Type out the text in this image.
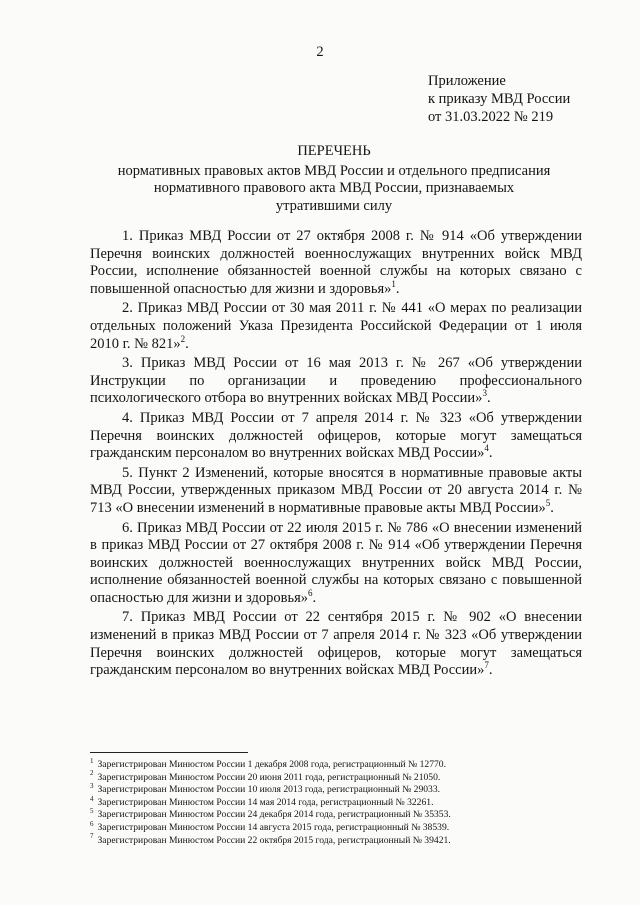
2
Приложение
к приказу МВД России
от 31.03.2022 № 219
ПЕРЕЧЕНЬ
нормативных правовых актов МВД России и отдельного предписания
нормативного правового акта МВД России, признаваемых
утратившими силу

1. Приказ МВД России от 27 октября 2008 г. № 914 «Об утверждении Перечня воинских должностей военнослужащих внутренних войск МВД России, исполнение обязанностей военной службы на которых связано с повышенной опасностью для жизни и здоровья»$^1$.

2. Приказ МВД России от 30 мая 2011 г. № 441 «О мерах по реализации отдельных положений Указа Президента Российской Федерации от 1 июля 2010 г. № 821»$^2$.

3. Приказ МВД России от 16 мая 2013 г. № 267 «Об утверждении Инструкции по организации и проведению профессионального психологического отбора во внутренних войсках МВД России»$^3$.

4. Приказ МВД России от 7 апреля 2014 г. № 323 «Об утверждении Перечня воинских должностей офицеров, которые могут замещаться гражданским персоналом во внутренних войсках МВД России»$^4$.

5. Пункт 2 Изменений, которые вносятся в нормативные правовые акты МВД России, утвержденных приказом МВД России от 20 августа 2014 г. № 713 «О внесении изменений в нормативные правовые акты МВД России»$^5$.

6. Приказ МВД России от 22 июля 2015 г. № 786 «О внесении изменений в приказ МВД России от 27 октября 2008 г. № 914 «Об утверждении Перечня воинских должностей военнослужащих внутренних войск МВД России, исполнение обязанностей военной службы на которых связано с повышенной опасностью для жизни и здоровья»$^6$.

7. Приказ МВД России от 22 сентября 2015 г. № 902 «О внесении изменений в приказ МВД России от 7 апреля 2014 г. № 323 «Об утверждении Перечня воинских должностей офицеров, которые могут замещаться гражданским персоналом во внутренних войсках МВД России»$^7$.

$^1$ Зарегистрирован Минюстом России 1 декабря 2008 года, регистрационный № 12770.
$^2$ Зарегистрирован Минюстом России 20 июня 2011 года, регистрационный № 21050.
$^3$ Зарегистрирован Минюстом России 10 июля 2013 года, регистрационный № 29033.
$^4$ Зарегистрирован Минюстом России 14 мая 2014 года, регистрационный № 32261.
$^5$ Зарегистрирован Минюстом России 24 декабря 2014 года, регистрационный № 35353.
$^6$ Зарегистрирован Минюстом России 14 августа 2015 года, регистрационный № 38539.
$^7$ Зарегистрирован Минюстом России 22 октября 2015 года, регистрационный № 39421.
